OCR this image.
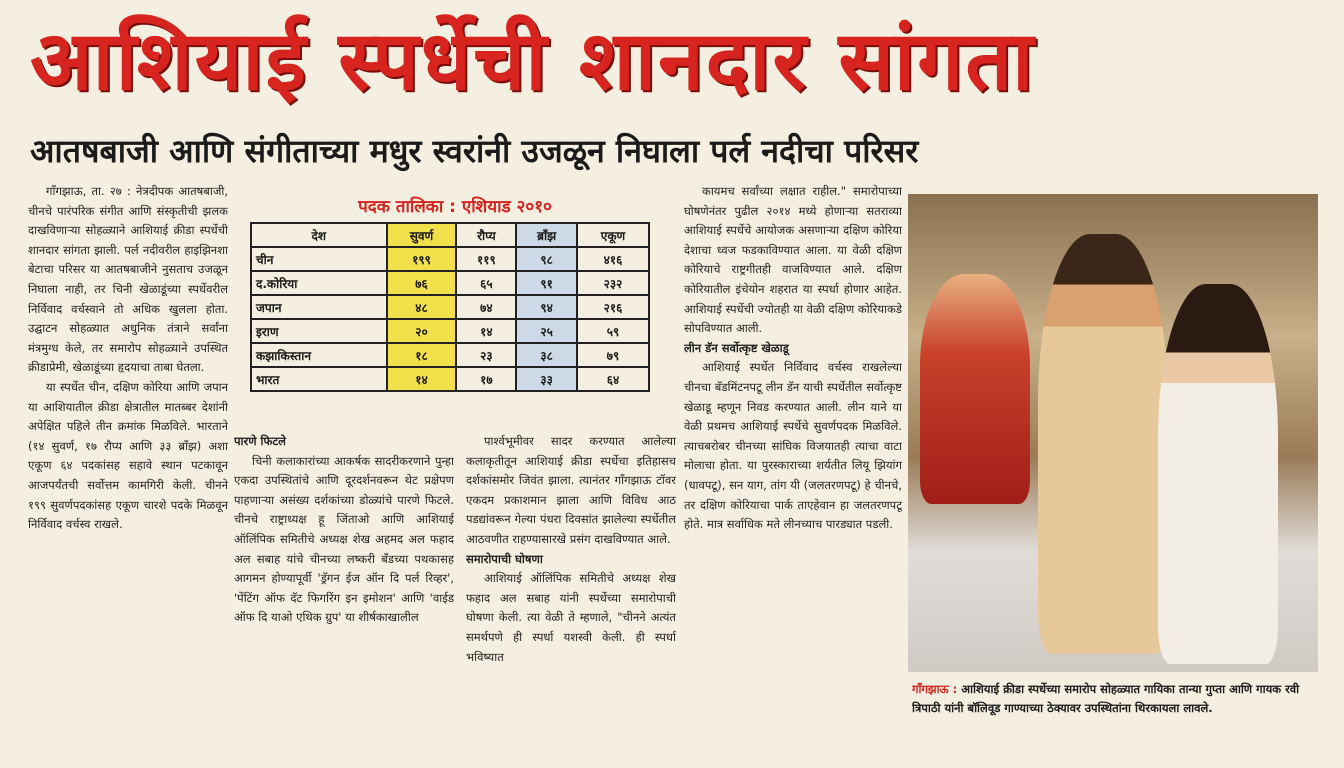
आशियाई स्पर्धेची शानदार सांगता
आतषबाजी आणि संगीताच्या मधुर स्वरांनी उजळून निघाला पर्ल नदीचा परिसर

गाँगझाऊ, ता. २७ : नेत्रदीपक आतषबाजी, चीनचे पारंपरिक संगीत आणि संस्कृतीची झलक दाखविणाऱ्या सोहळ्याने आशियाई क्रीडा स्पर्धेची शानदार सांगता झाली. पर्ल नदीवरील हाइझिनशा बेटाचा परिसर या आतषबाजीने नुसताच उजळून निघाला नाही, तर चिनी खेळाडूंच्या स्पर्धेवरील निर्विवाद वर्चस्वाने तो अधिक खुलला होता. उद्घाटन सोहळ्यात अधुनिक तंत्राने सर्वांना मंत्रमुग्ध केले, तर समारोप सोहळ्याने उपस्थित क्रीडाप्रेमी, खेळाडूंच्या हृदयाचा ताबा घेतला.

या स्पर्धेत चीन, दक्षिण कोरिया आणि जपान या आशियातील क्रीडा क्षेत्रातील मातब्बर देशांनी अपेक्षित पहिले तीन क्रमांक मिळविले. भारताने (१४ सुवर्ण, १७ रौप्य आणि ३३ ब्राँझ) अशा एकूण ६४ पदकांसह सहावे स्थान पटकावून आजपर्यंतची सर्वोत्तम कामगिरी केली. चीनने १९९ सुवर्णपदकांसह एकूण चारशे पदके मिळवून निर्विवाद वर्चस्व राखले.

पदक तालिका : एशियाड २०१०
देश	सुवर्ण	रौप्य	ब्राँझ	एकूण
चीन	१९९	११९	९८	४१६
द.कोरिया	७६	६५	९१	२३२
जपान	४८	७४	९४	२१६
इराण	२०	१४	२५	५९
कझाकिस्तान	१८	२३	३८	७९
भारत	१४	१७	३३	६४

पारणे फिटले

चिनी कलाकारांच्या आकर्षक सादरीकरणाने पुन्हा एकदा उपस्थितांचे आणि दूरदर्शनवरून थेट प्रक्षेपण पाहणाऱ्या असंख्य दर्शकांच्या डोळ्यांचे पारणे फिटले. चीनचे राष्ट्राध्यक्ष हू जिंताओ आणि आशियाई ऑलिंपिक समितीचे अध्यक्ष शेख अहमद अल फहाद अल सबाह यांचे चीनच्या लष्करी बँडच्या पथकासह आगमन होण्यापूर्वी 'ड्रॅगन ईज ऑन दि पर्ल रिव्हर', 'पेंटिंग ऑफ दॅट फिगरिंग इन इमोशन' आणि 'वाईड ऑफ दि याओ एथिक ग्रुप' या शीर्षकाखालील

पार्श्वभूमीवर सादर करण्यात आलेल्या कलाकृतीतून आशियाई क्रीडा स्पर्धेचा इतिहासच दर्शकांसमोर जिवंत झाला. त्यानंतर गाँगझाऊ टॉवर एकदम प्रकाशमान झाला आणि विविध आठ पडद्यांवरून गेल्या पंधरा दिवसांत झालेल्या स्पर्धेतील आठवणीत राहण्यासारखे प्रसंग दाखविण्यात आले.

समारोपाची घोषणा

आशियाई ऑलिंपिक समितीचे अध्यक्ष शेख फहाद अल सबाह यांनी स्पर्धेच्या समारोपाची घोषणा केली. त्या वेळी ते म्हणाले, "चीनने अत्यंत समर्थपणे ही स्पर्धा यशस्वी केली. ही स्पर्धा भविष्यात

कायमच सर्वांच्या लक्षात राहील." समारोपाच्या घोषणेनंतर पुढील २०१४ मध्ये होणाऱ्या सतराव्या आशियाई स्पर्धेचे आयोजक असणाऱ्या दक्षिण कोरिया देशाचा ध्वज फडकाविण्यात आला. या वेळी दक्षिण कोरियाचे राष्ट्रगीतही वाजविण्यात आले. दक्षिण कोरियातील इंचेयोन शहरात या स्पर्धा होणार आहेत. आशियाई स्पर्धेची ज्योतही या वेळी दक्षिण कोरियाकडे सोपविण्यात आली.

लीन डॅन सर्वोत्कृष्ट खेळाडू

आशियाई स्पर्धेत निर्विवाद वर्चस्व राखलेल्या चीनचा बॅडमिंटनपटू लीन डॅन याची स्पर्धेतील सर्वोत्कृष्ट खेळाडू म्हणून निवड करण्यात आली. लीन याने या वेळी प्रथमच आशियाई स्पर्धेचे सुवर्णपदक मिळविले. त्याचबरोबर चीनच्या सांघिक विजयातही त्याचा वाटा मोलाचा होता. या पुरस्काराच्या शर्यतीत लियू झियांग (धावपटू), सन याग, तांग यी (जलतरणपटू) हे चीनचे, तर दक्षिण कोरियाचा पार्क ताएहेवान हा जलतरणपटू होते. मात्र सर्वाधिक मते लीनच्याच पारड्यात पडली.

गाँगझाऊ : आशियाई क्रीडा स्पर्धेच्या समारोप सोहळ्यात गायिका तान्या गुप्ता आणि गायक रवी त्रिपाठी यांनी बॉलिवूड गाण्याच्या ठेक्यावर उपस्थितांना थिरकायला लावले.
